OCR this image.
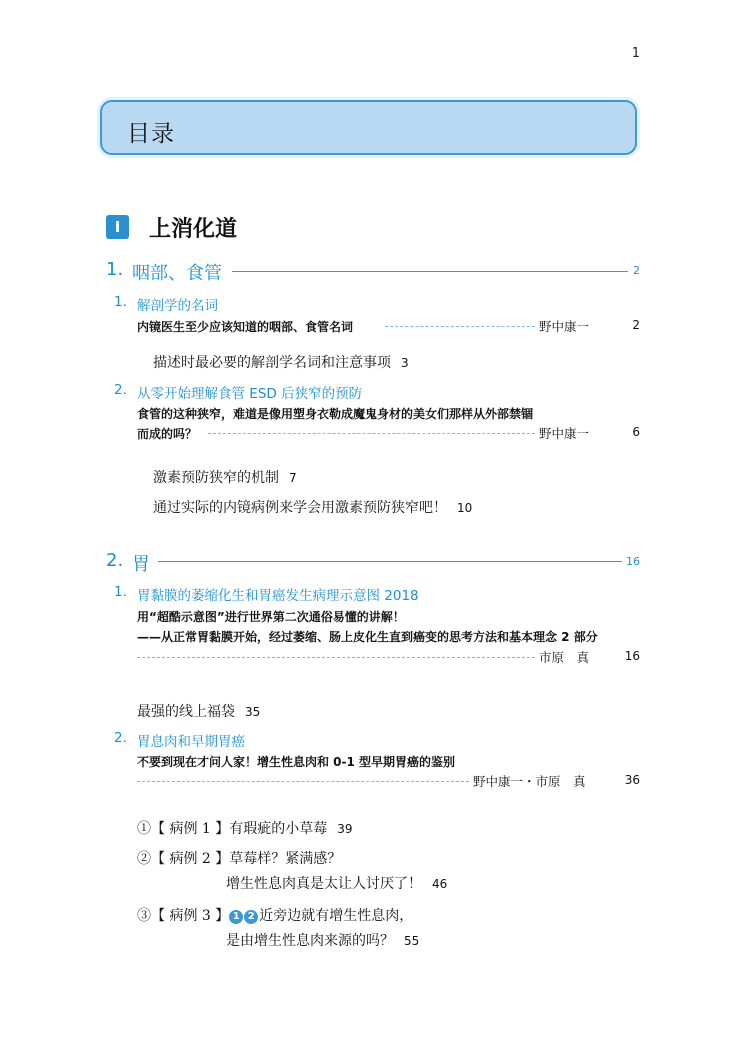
1
目录
I	上消化道
1. 咽部、食管	2
1. 解剖学的名词
内镜医生至少应该知道的咽部、食管名词	野中康一	2
描述时最必要的解剖学名词和注意事项 3
2. 从零开始理解食管 ESD 后狭窄的预防
食管的这种狭窄，难道是像用塑身衣勒成魔鬼身材的美女们那样从外部禁锢
而成的吗？	野中康一	6
激素预防狭窄的机制 7
通过实际的内镜病例来学会用激素预防狭窄吧！ 10
2. 胃	16
1. 胃黏膜的萎缩化生和胃癌发生病理示意图 2018
用“超酷示意图”进行世界第二次通俗易懂的讲解！
——从正常胃黏膜开始，经过萎缩、肠上皮化生直到癌变的思考方法和基本理念 2 部分
市原　真	16
最强的线上福袋 35
2. 胃息肉和早期胃癌
不要到现在才问人家！增生性息肉和 0-1 型早期胃癌的鉴别
野中康一・市原　真	36
①【 病例 1 】有瑕疵的小草莓 39
②【 病例 2 】草莓样？紧满感？
增生性息肉真是太让人讨厌了！ 46
③【 病例 3 】 1 2 近旁边就有增生性息肉，
是由增生性息肉来源的吗？ 55
